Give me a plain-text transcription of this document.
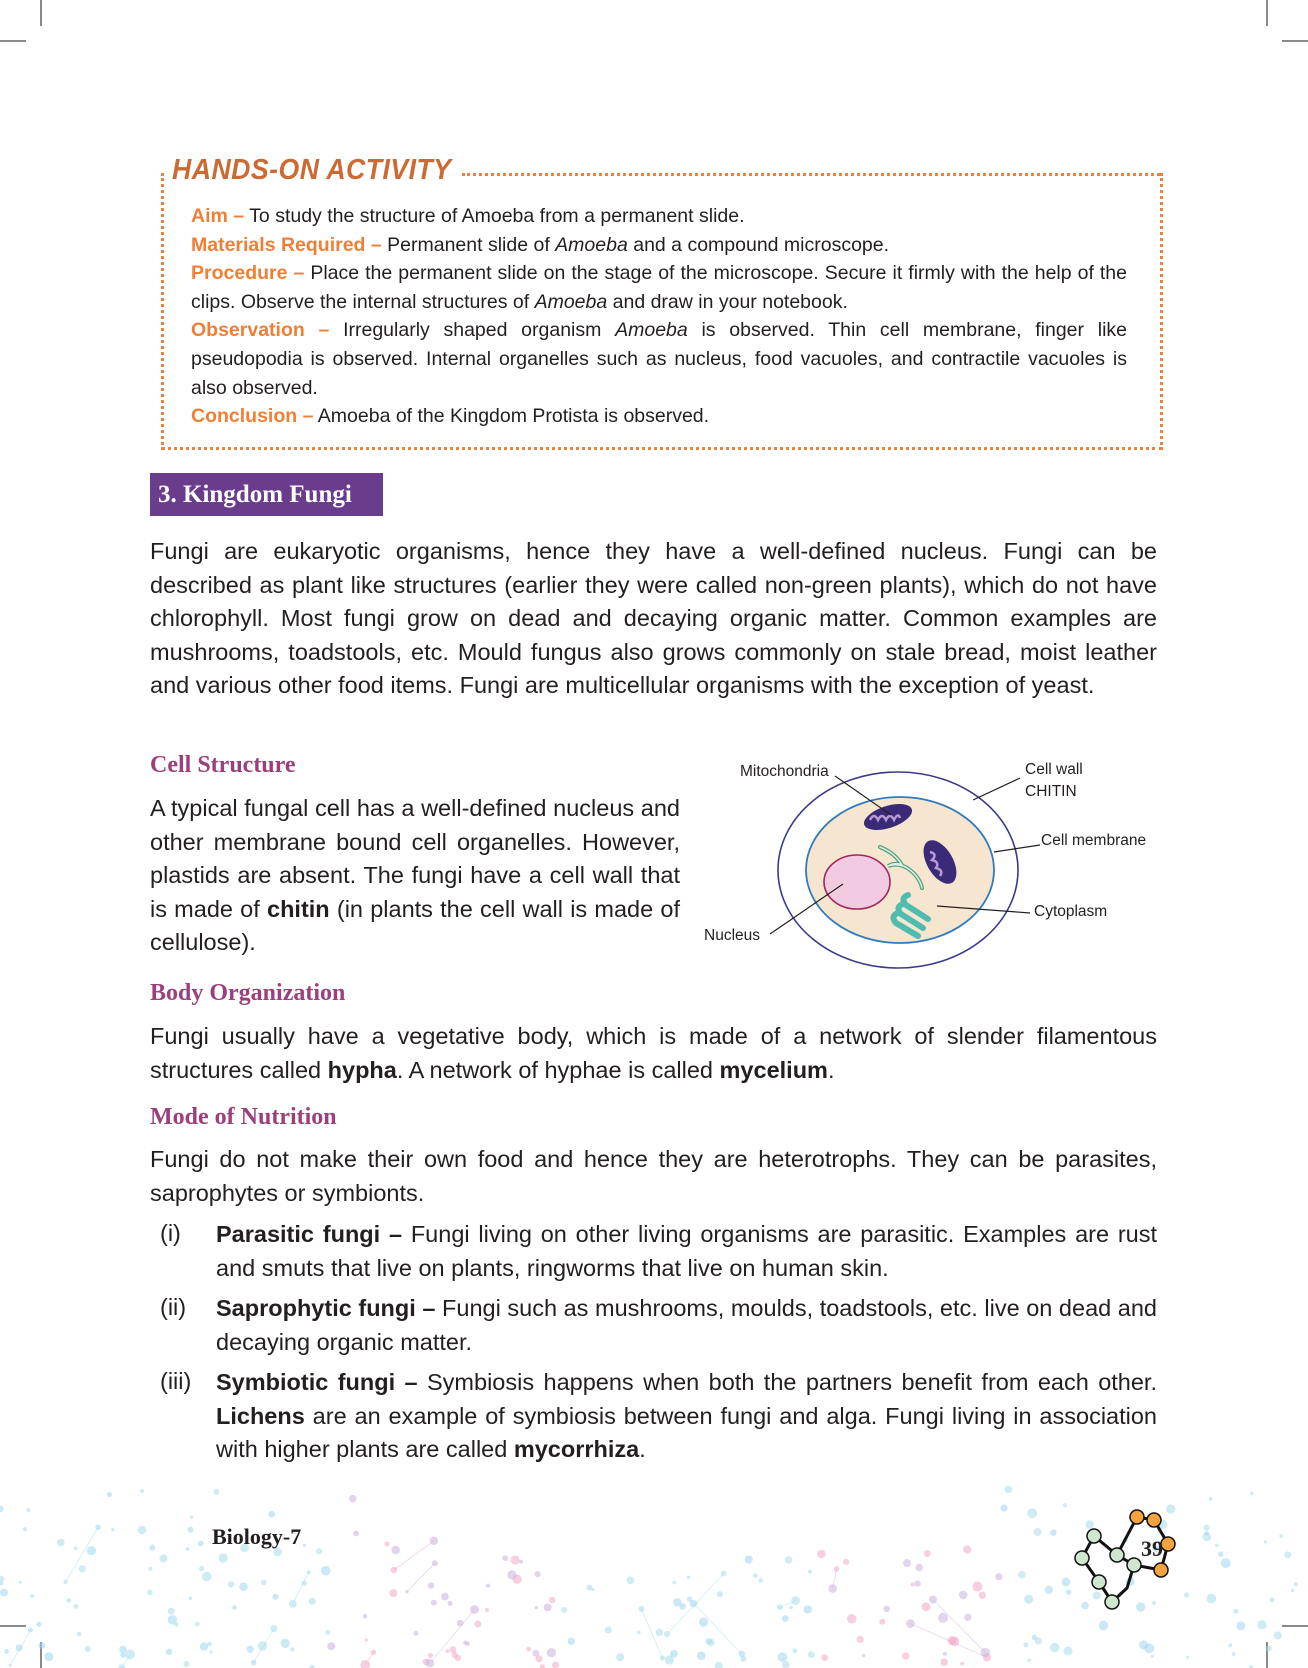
HANDS-ON ACTIVITY

Aim – To study the structure of Amoeba from a permanent slide.

Materials Required – Permanent slide of Amoeba and a compound microscope.

Procedure – Place the permanent slide on the stage of the microscope. Secure it firmly with the help of the clips. Observe the internal structures of Amoeba and draw in your notebook.

Observation – Irregularly shaped organism Amoeba is observed. Thin cell membrane, finger like pseudopodia is observed. Internal organelles such as nucleus, food vacuoles, and contractile vacuoles is also observed.

Conclusion – Amoeba of the Kingdom Protista is observed.

3. Kingdom Fungi

Fungi are eukaryotic organisms, hence they have a well-defined nucleus. Fungi can be described as plant like structures (earlier they were called non-green plants), which do not have chlorophyll. Most fungi grow on dead and decaying organic matter. Common examples are mushrooms, toadstools, etc. Mould fungus also grows commonly on stale bread, moist leather and various other food items. Fungi are multicellular organisms with the exception of yeast.

Cell Structure

A typical fungal cell has a well-defined nucleus and other membrane bound cell organelles. However, plastids are absent. The fungi have a cell wall that is made of chitin (in plants the cell wall is made of cellulose).

Mitochondria	Cell wall
CHITIN
Cell membrane
Cytoplasm
Nucleus
Body Organization

Fungi usually have a vegetative body, which is made of a network of slender filamentous structures called hypha. A network of hyphae is called mycelium.

Mode of Nutrition

Fungi do not make their own food and hence they are heterotrophs. They can be parasites, saprophytes or symbionts.

(i) Parasitic fungi – Fungi living on other living organisms are parasitic. Examples are rust and smuts that live on plants, ringworms that live on human skin.

(ii) Saprophytic fungi – Fungi such as mushrooms, moulds, toadstools, etc. live on dead and decaying organic matter.

(iii) Symbiotic fungi – Symbiosis happens when both the partners benefit from each other. Lichens are an example of symbiosis between fungi and alga. Fungi living in association with higher plants are called mycorrhiza.

Biology-7	39
